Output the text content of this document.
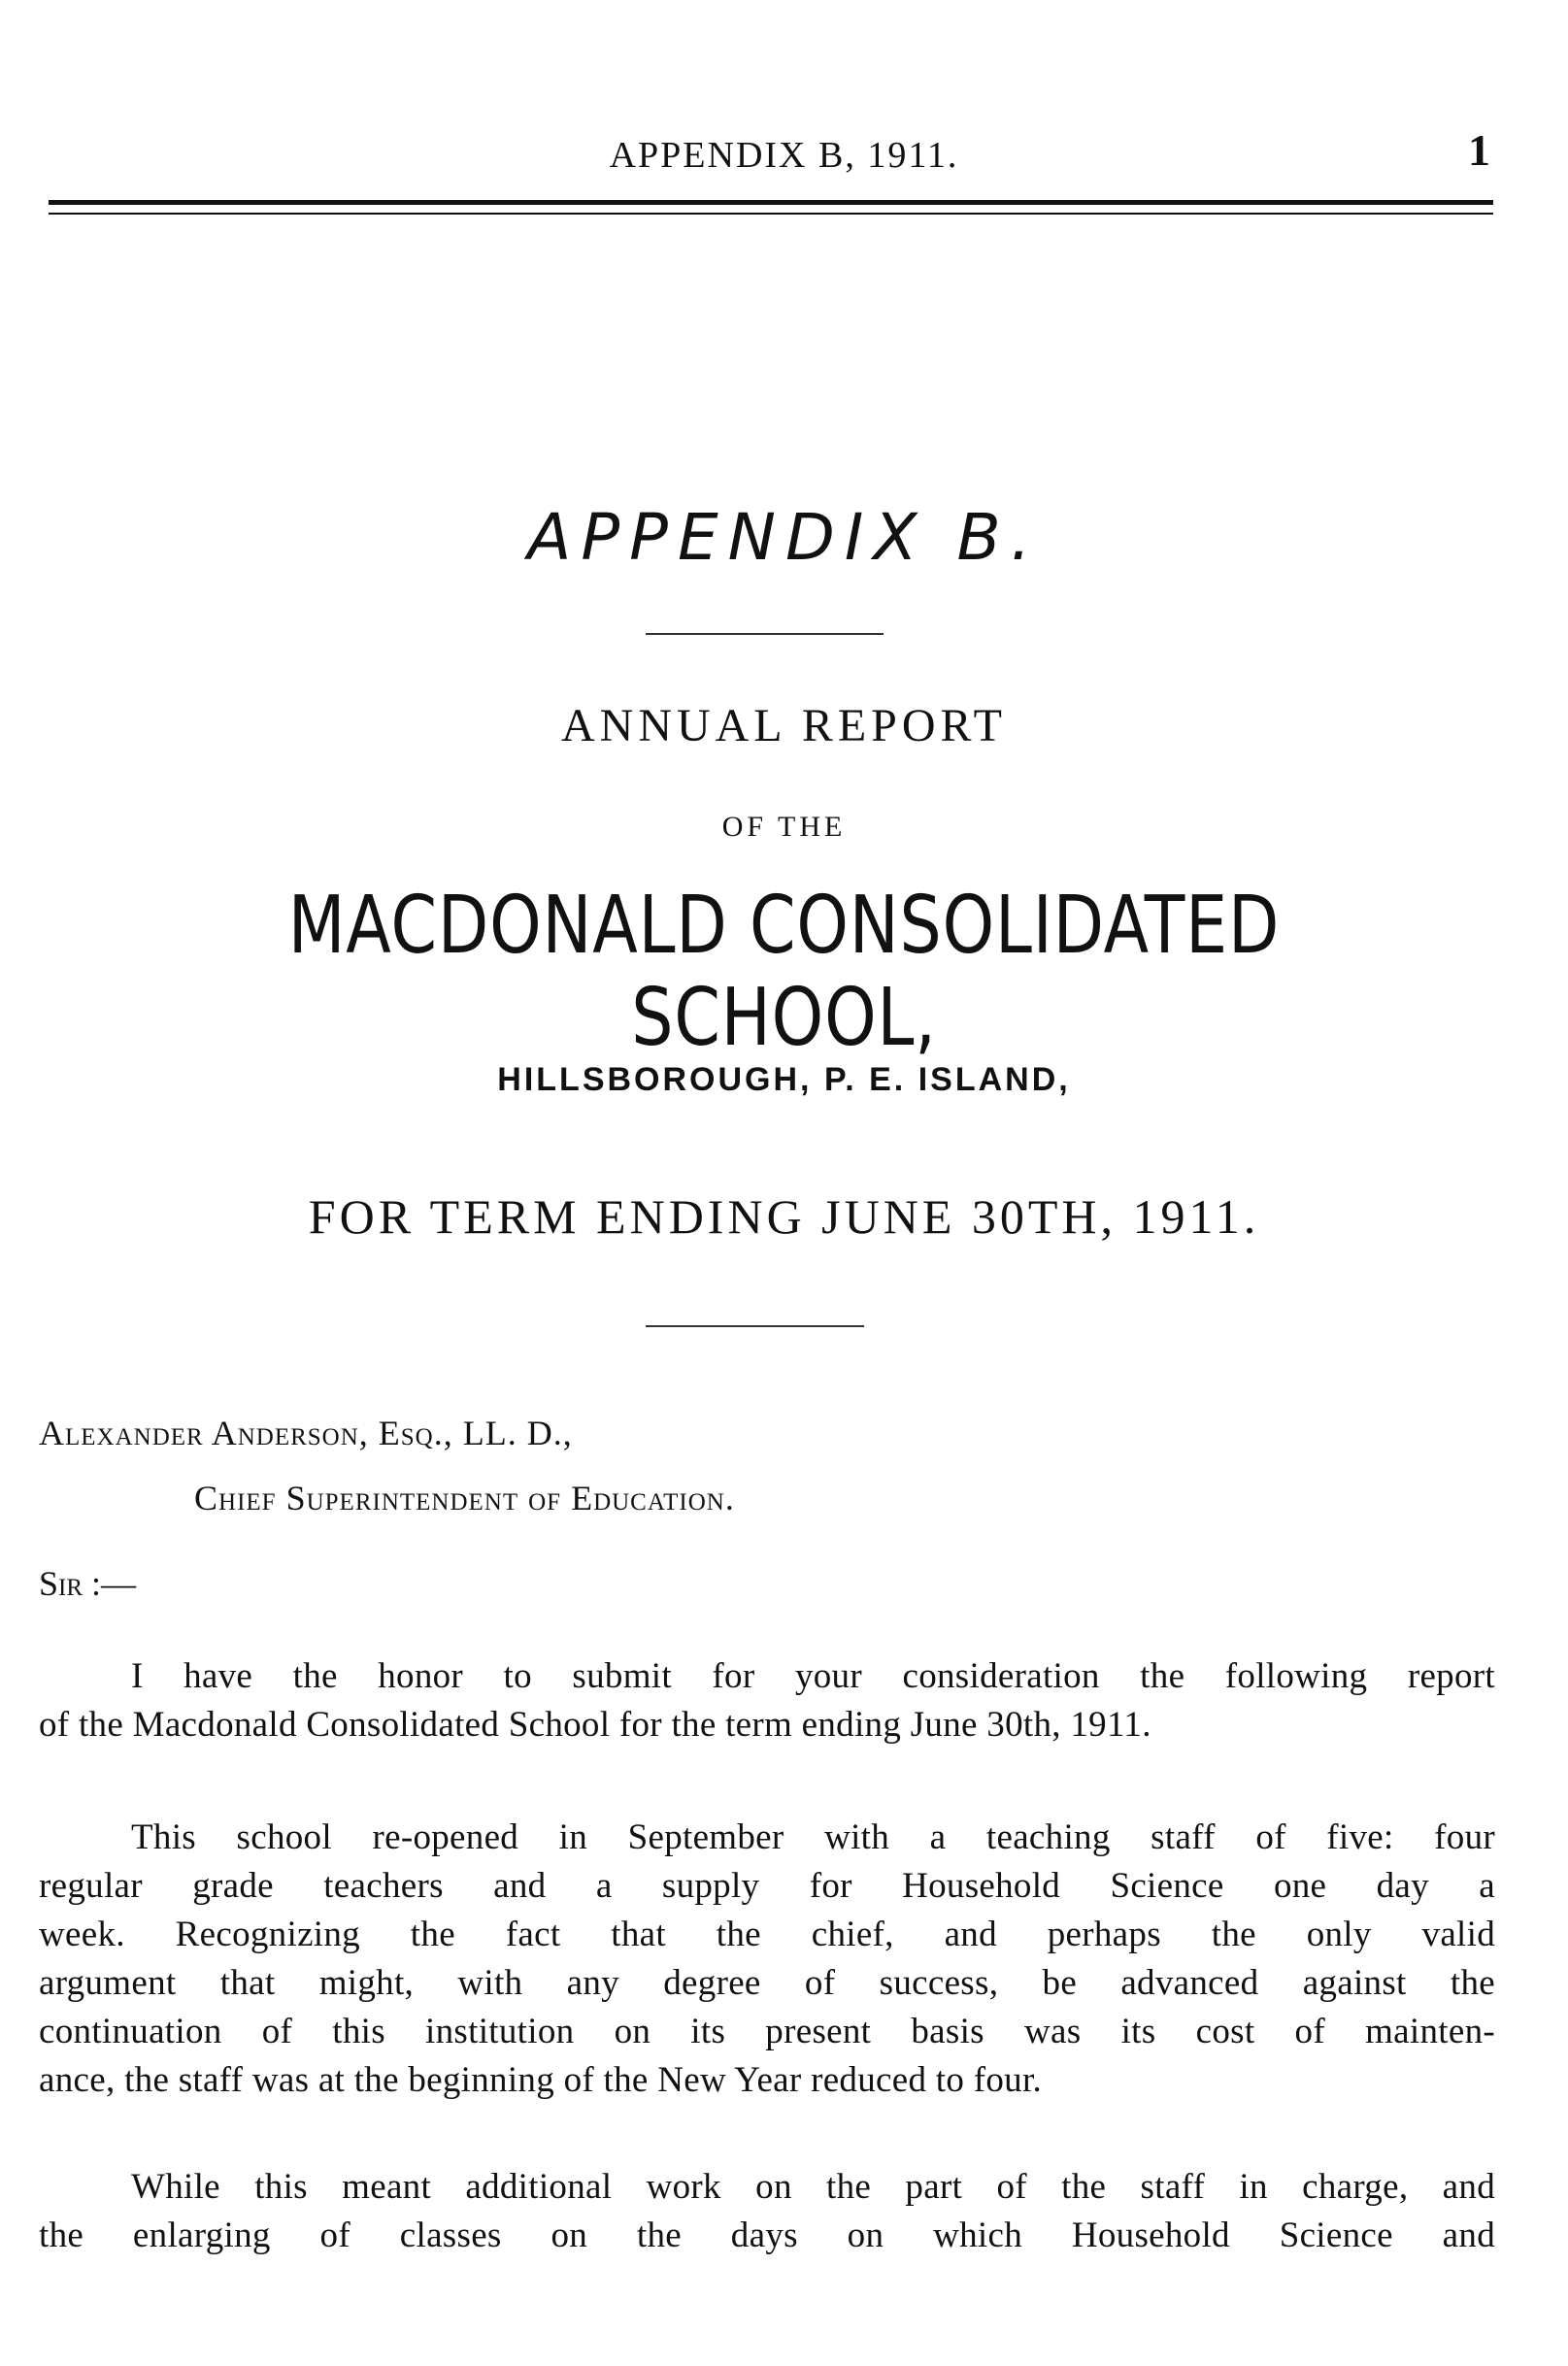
APPENDIX B, 1911.	1
APPENDIX B.
ANNUAL REPORT
OF THE
MACDONALD CONSOLIDATED SCHOOL,
HILLSBOROUGH, P. E. ISLAND,
FOR TERM ENDING JUNE 30TH, 1911.
Alexander Anderson, Esq., LL. D.,
Chief Superintendent of Education.
Sir :—
I have the honor to submit for your consideration the following report
of the Macdonald Consolidated School for the term ending June 30th, 1911.
This school re-opened in September with a teaching staff of five: four
regular grade teachers and a supply for Household Science one day a
week. Recognizing the fact that the chief, and perhaps the only valid
argument that might, with any degree of success, be advanced against the
continuation of this institution on its present basis was its cost of mainten-
ance, the staff was at the beginning of the New Year reduced to four.
While this meant additional work on the part of the staff in charge, and
the enlarging of classes on the days on which Household Science and
